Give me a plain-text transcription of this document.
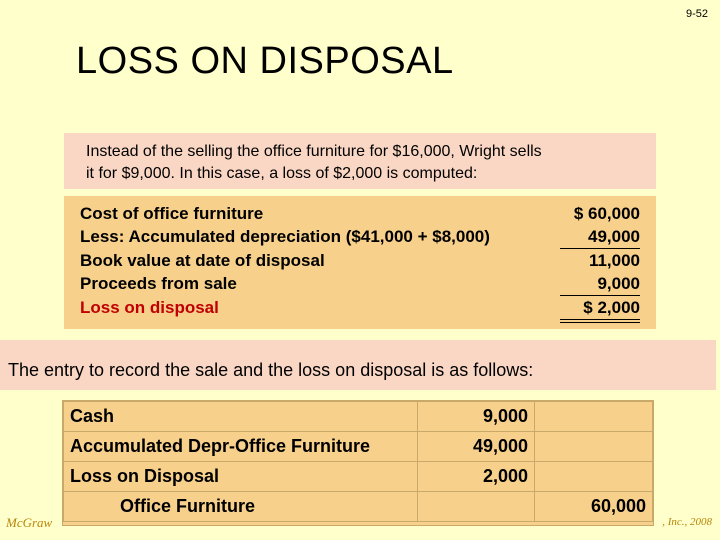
9-52
LOSS ON DISPOSAL
Instead of the selling the office furniture for $16,000, Wright sells
it for $9,000. In this case, a loss of $2,000 is computed:
Cost of office furniture	$ 60,000
Less: Accumulated depreciation ($41,000 + $8,000)	49,000
Book value at date of disposal	11,000
Proceeds from sale	9,000
Loss on disposal	$ 2,000
The entry to record the sale and the loss on disposal is as follows:
Cash	9,000	
Accumulated Depr-Office Furniture	49,000	
Loss on Disposal	2,000	
Office Furniture		60,000
McGraw	, Inc., 2008
